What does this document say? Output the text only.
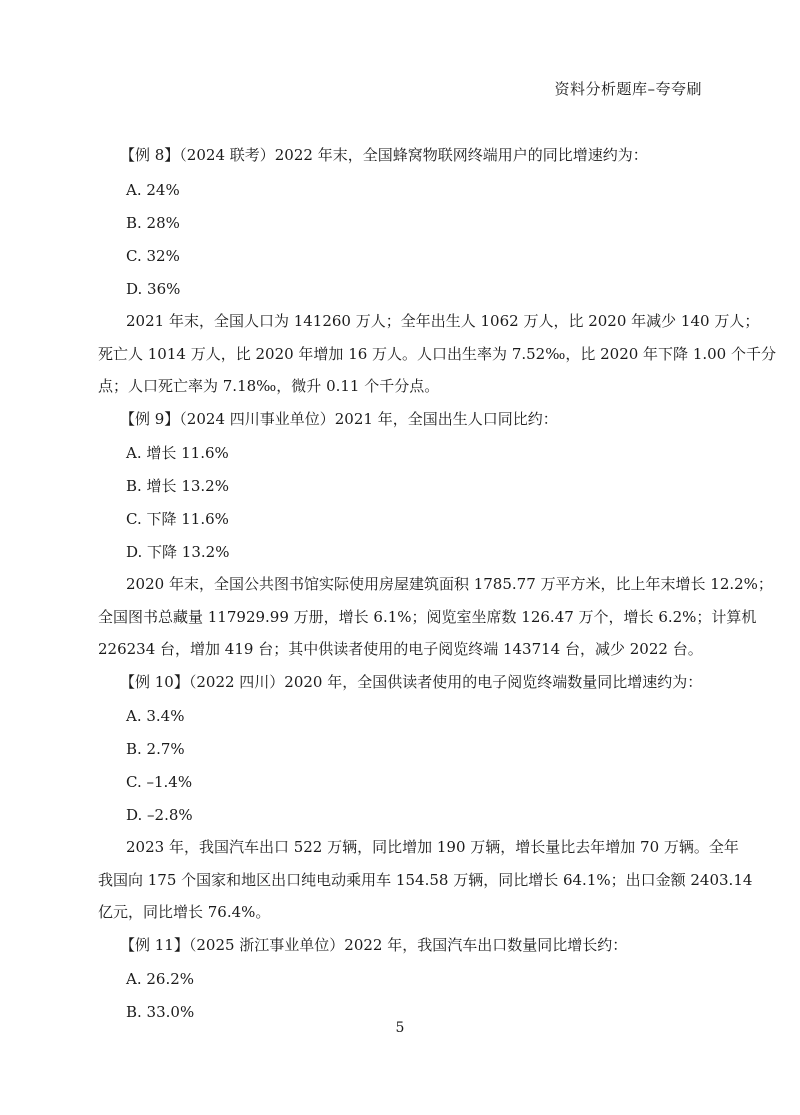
资料分析题库–夸夸刷
【例 8】（2024 联考）2022 年末，全国蜂窝物联网终端用户的同比增速约为：
A. 24%
B. 28%
C. 32%
D. 36%
2021 年末，全国人口为 141260 万人；全年出生人 1062 万人，比 2020 年减少 140 万人；
死亡人 1014 万人，比 2020 年增加 16 万人。人口出生率为 7.52‰，比 2020 年下降 1.00 个千分
点；人口死亡率为 7.18‰，微升 0.11 个千分点。
【例 9】（2024 四川事业单位）2021 年，全国出生人口同比约：
A. 增长 11.6%
B. 增长 13.2%
C. 下降 11.6%
D. 下降 13.2%
2020 年末，全国公共图书馆实际使用房屋建筑面积 1785.77 万平方米，比上年末增长 12.2%；
全国图书总藏量 117929.99 万册，增长 6.1%；阅览室坐席数 126.47 万个，增长 6.2%；计算机
226234 台，增加 419 台；其中供读者使用的电子阅览终端 143714 台，减少 2022 台。
【例 10】（2022 四川）2020 年，全国供读者使用的电子阅览终端数量同比增速约为：
A. 3.4%
B. 2.7%
C. –1.4%
D. –2.8%
2023 年，我国汽车出口 522 万辆，同比增加 190 万辆，增长量比去年增加 70 万辆。全年
我国向 175 个国家和地区出口纯电动乘用车 154.58 万辆，同比增长 64.1%；出口金额 2403.14
亿元，同比增长 76.4%。
【例 11】（2025 浙江事业单位）2022 年，我国汽车出口数量同比增长约：
A. 26.2%
B. 33.0%
5
